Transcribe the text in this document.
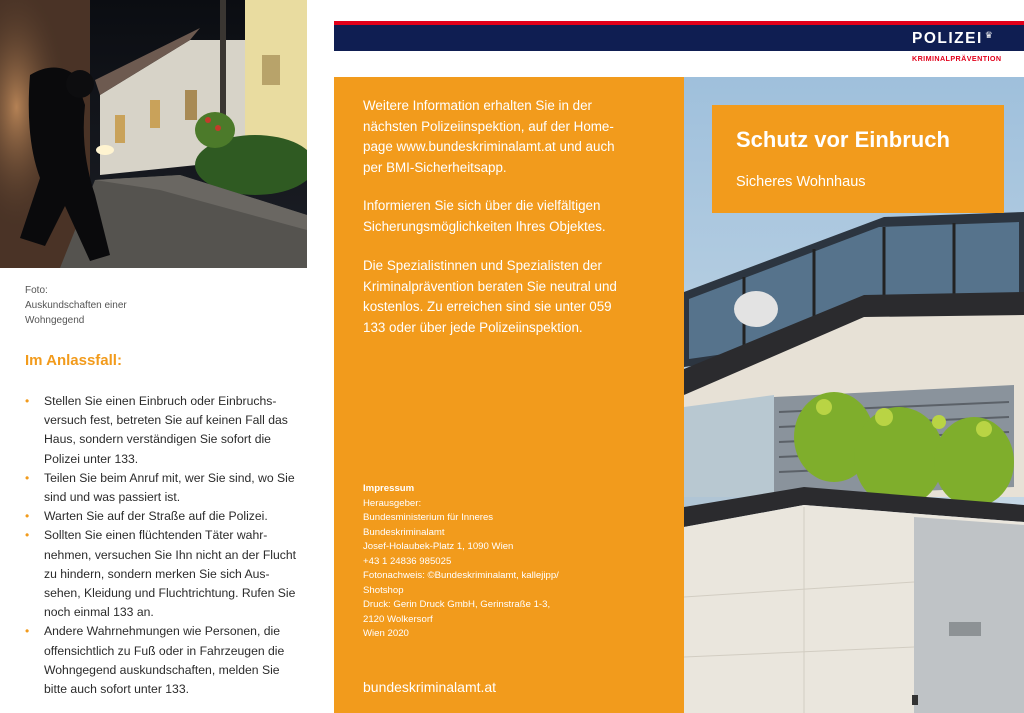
Foto:
Auskundschaften einer
Wohngegend
Im Anlassfall:
• Stellen Sie einen Einbruch oder Einbruchs-
versuch fest, betreten Sie auf keinen Fall das
Haus, sondern verständigen Sie sofort die
Polizei unter 133.
• Teilen Sie beim Anruf mit, wer Sie sind, wo Sie
sind und was passiert ist.
• Warten Sie auf der Straße auf die Polizei.
• Sollten Sie einen flüchtenden Täter wahr-
nehmen, versuchen Sie Ihn nicht an der Flucht
zu hindern, sondern merken Sie sich Aus-
sehen, Kleidung und Fluchtrichtung. Rufen Sie
noch einmal 133 an.
• Andere Wahrnehmungen wie Personen, die
offensichtlich zu Fuß oder in Fahrzeugen die
Wohngegend auskundschaften, melden Sie
bitte auch sofort unter 133.
POLIZEI ♛
KRIMINALPRÄVENTION
Weitere Information erhalten Sie in der
nächsten Polizeiinspektion, auf der Home-
page www.bundeskriminalamt.at und auch
per BMI-Sicherheitsapp.
Informieren Sie sich über die vielfältigen
Sicherungsmöglichkeiten Ihres Objektes.
Die Spezialistinnen und Spezialisten der
Kriminalprävention beraten Sie neutral und
kostenlos. Zu erreichen sind sie unter 059
133 oder über jede Polizeiinspektion.
Impressum
Herausgeber:
Bundesministerium für Inneres
Bundeskriminalamt
Josef-Holaubek-Platz 1, 1090 Wien
+43 1 24836 985025
Fotonachweis: ©Bundeskriminalamt, kallejipp/
Shotshop
Druck: Gerin Druck GmbH, Gerinstraße 1-3,
2120 Wolkersorf
Wien 2020
bundeskriminalamt.at
Schutz vor Einbruch
Sicheres Wohnhaus
